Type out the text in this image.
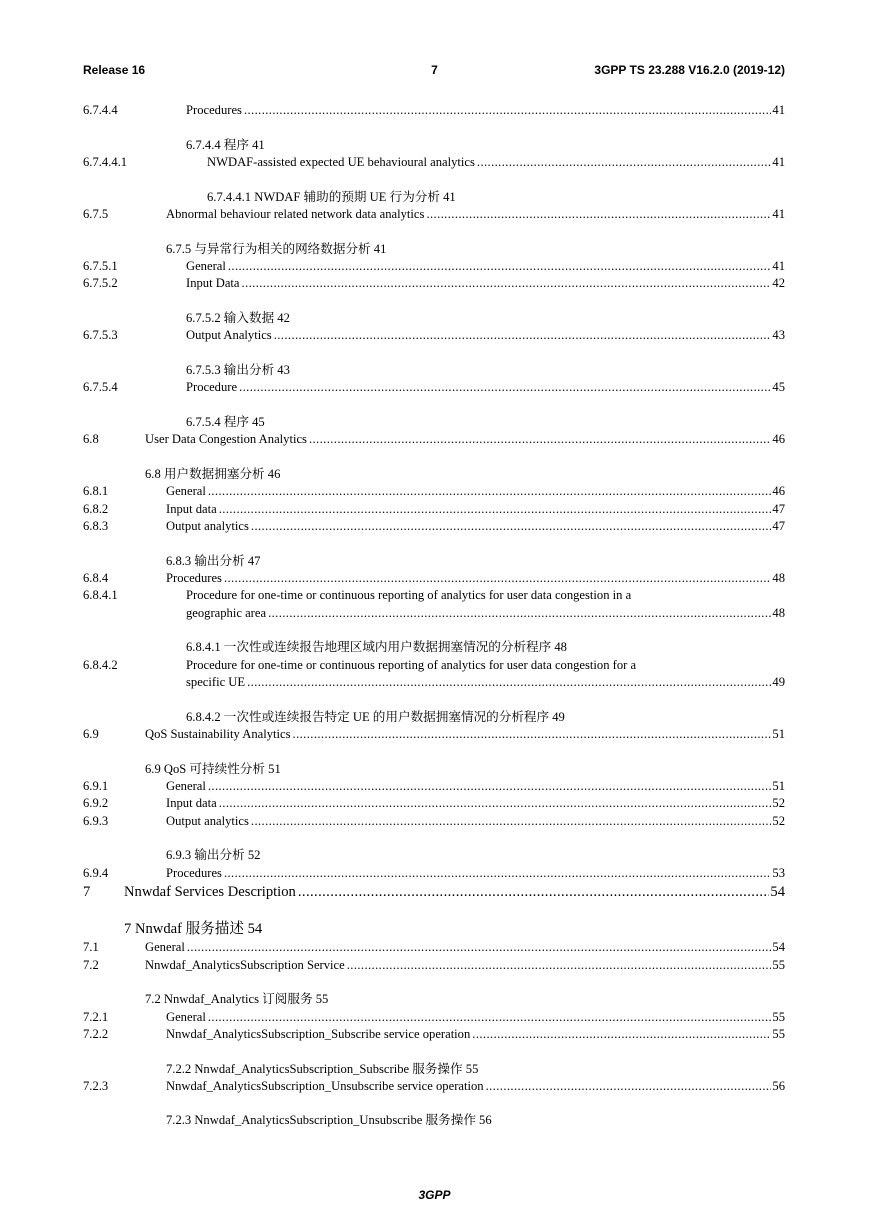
Release 16	7	3GPP TS 23.288 V16.2.0 (2019-12)
6.7.4.4	Procedures .....	41
6.7.4.4 程序 41
6.7.4.4.1	NWDAF-assisted expected UE behavioural analytics .....	41
6.7.4.4.1 NWDAF 辅助的预期 UE 行为分析 41
6.7.5	Abnormal behaviour related network data analytics .....	41
6.7.5 与异常行为相关的网络数据分析 41
6.7.5.1	General .....	41
6.7.5.2	Input Data .....	42
6.7.5.2 输入数据 42
6.7.5.3	Output Analytics .....	43
6.7.5.3 输出分析 43
6.7.5.4	Procedure .....	45
6.7.5.4 程序 45
6.8	User Data Congestion Analytics .....	46
6.8 用户数据拥塞分析 46
6.8.1	General .....	46
6.8.2	Input data .....	47
6.8.3	Output analytics .....	47
6.8.3 输出分析 47
6.8.4	Procedures .....	48
6.8.4.1	Procedure for one-time or continuous reporting of analytics for user data congestion in a
geographic area .....	48
6.8.4.1 一次性或连续报告地理区域内用户数据拥塞情况的分析程序 48
6.8.4.2	Procedure for one-time or continuous reporting of analytics for user data congestion for a
specific UE .....	49
6.8.4.2 一次性或连续报告特定 UE 的用户数据拥塞情况的分析程序 49
6.9	QoS Sustainability Analytics .....	51
6.9 QoS 可持续性分析 51
6.9.1	General .....	51
6.9.2	Input data .....	52
6.9.3	Output analytics .....	52
6.9.3 输出分析 52
6.9.4	Procedures .....	53
7 Nnwdaf Services Description .....	54
7 Nnwdaf 服务描述 54
7.1	General .....	54
7.2	Nnwdaf_AnalyticsSubscription Service .....	55
7.2 Nnwdaf_Analytics 订阅服务 55
7.2.1	General .....	55
7.2.2	Nnwdaf_AnalyticsSubscription_Subscribe service operation .....	55
7.2.2 Nnwdaf_AnalyticsSubscription_Subscribe 服务操作 55
7.2.3	Nnwdaf_AnalyticsSubscription_Unsubscribe service operation .....	56
7.2.3 Nnwdaf_AnalyticsSubscription_Unsubscribe 服务操作 56
3GPP
